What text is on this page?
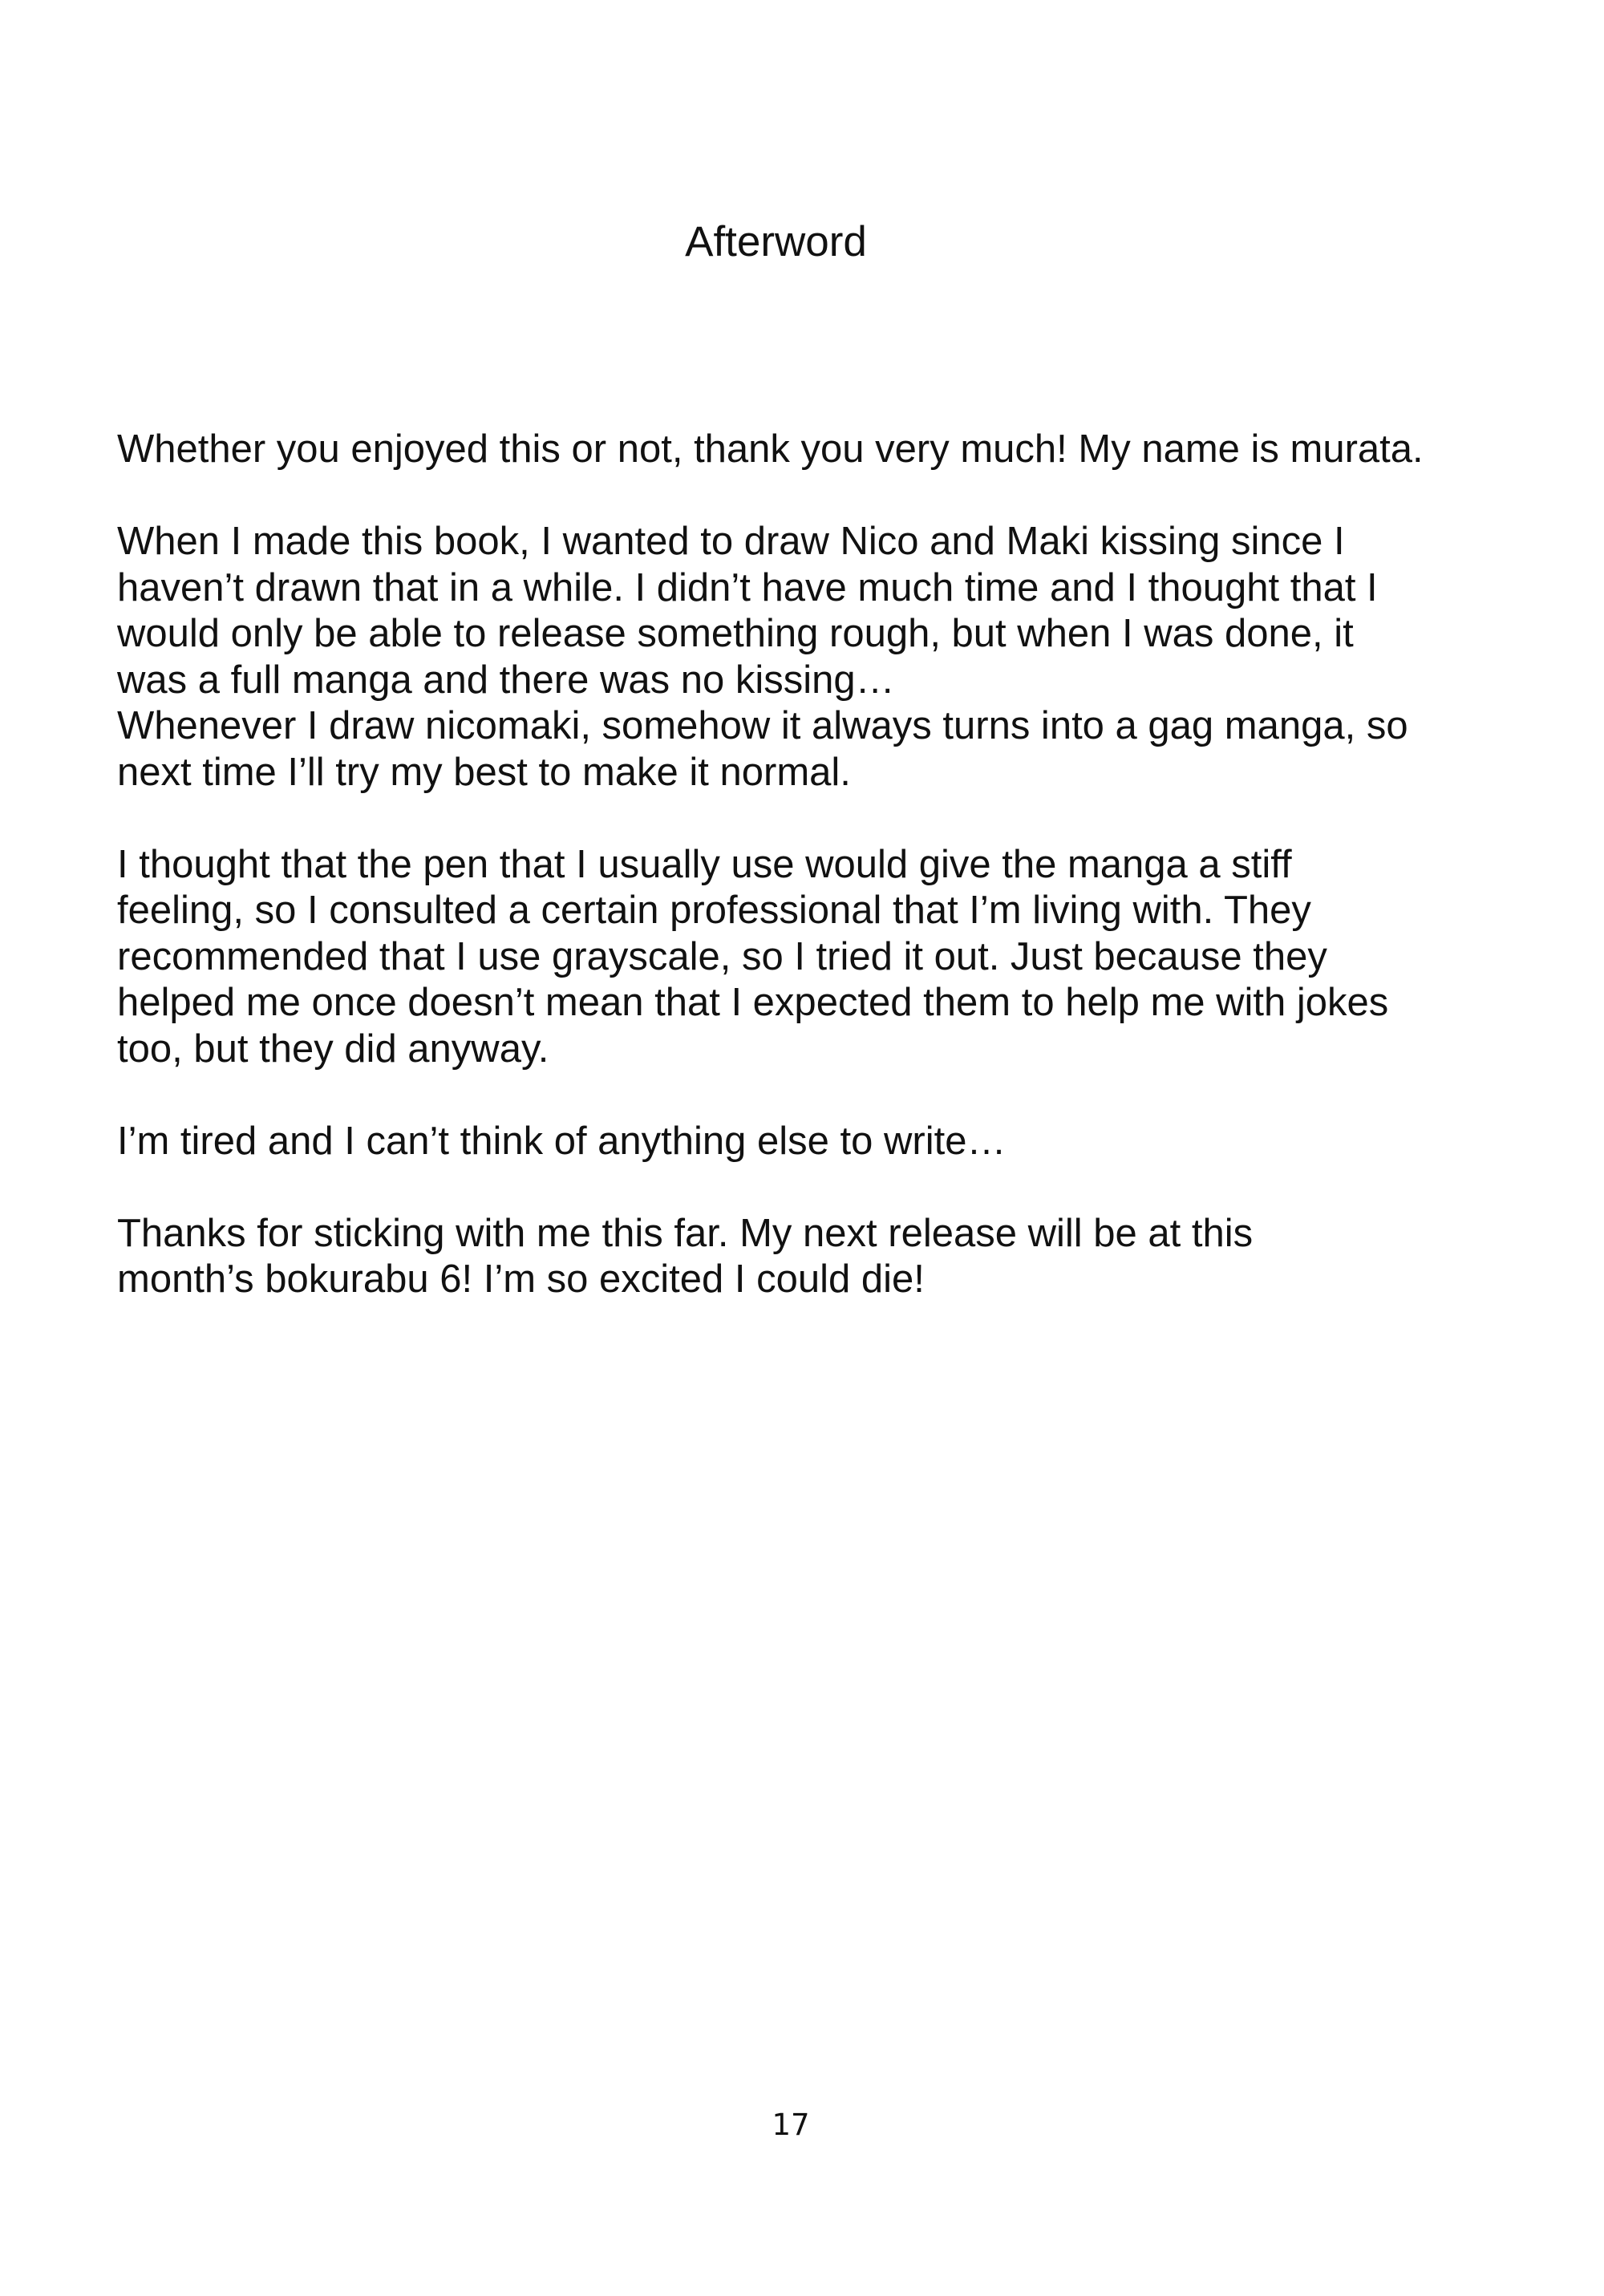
Afterword

Whether you enjoyed this or not, thank you very much! My name is murata.

When I made this book, I wanted to draw Nico and Maki kissing since I
haven’t drawn that in a while. I didn’t have much time and I thought that I
would only be able to release something rough, but when I was done, it
was a full manga and there was no kissing…
Whenever I draw nicomaki, somehow it always turns into a gag manga, so
next time I’ll try my best to make it normal.

I thought that the pen that I usually use would give the manga a stiff
feeling, so I consulted a certain professional that I’m living with. They
recommended that I use grayscale, so I tried it out. Just because they
helped me once doesn’t mean that I expected them to help me with jokes
too, but they did anyway.

I’m tired and I can’t think of anything else to write…

Thanks for sticking with me this far. My next release will be at this
month’s bokurabu 6! I’m so excited I could die!

17
